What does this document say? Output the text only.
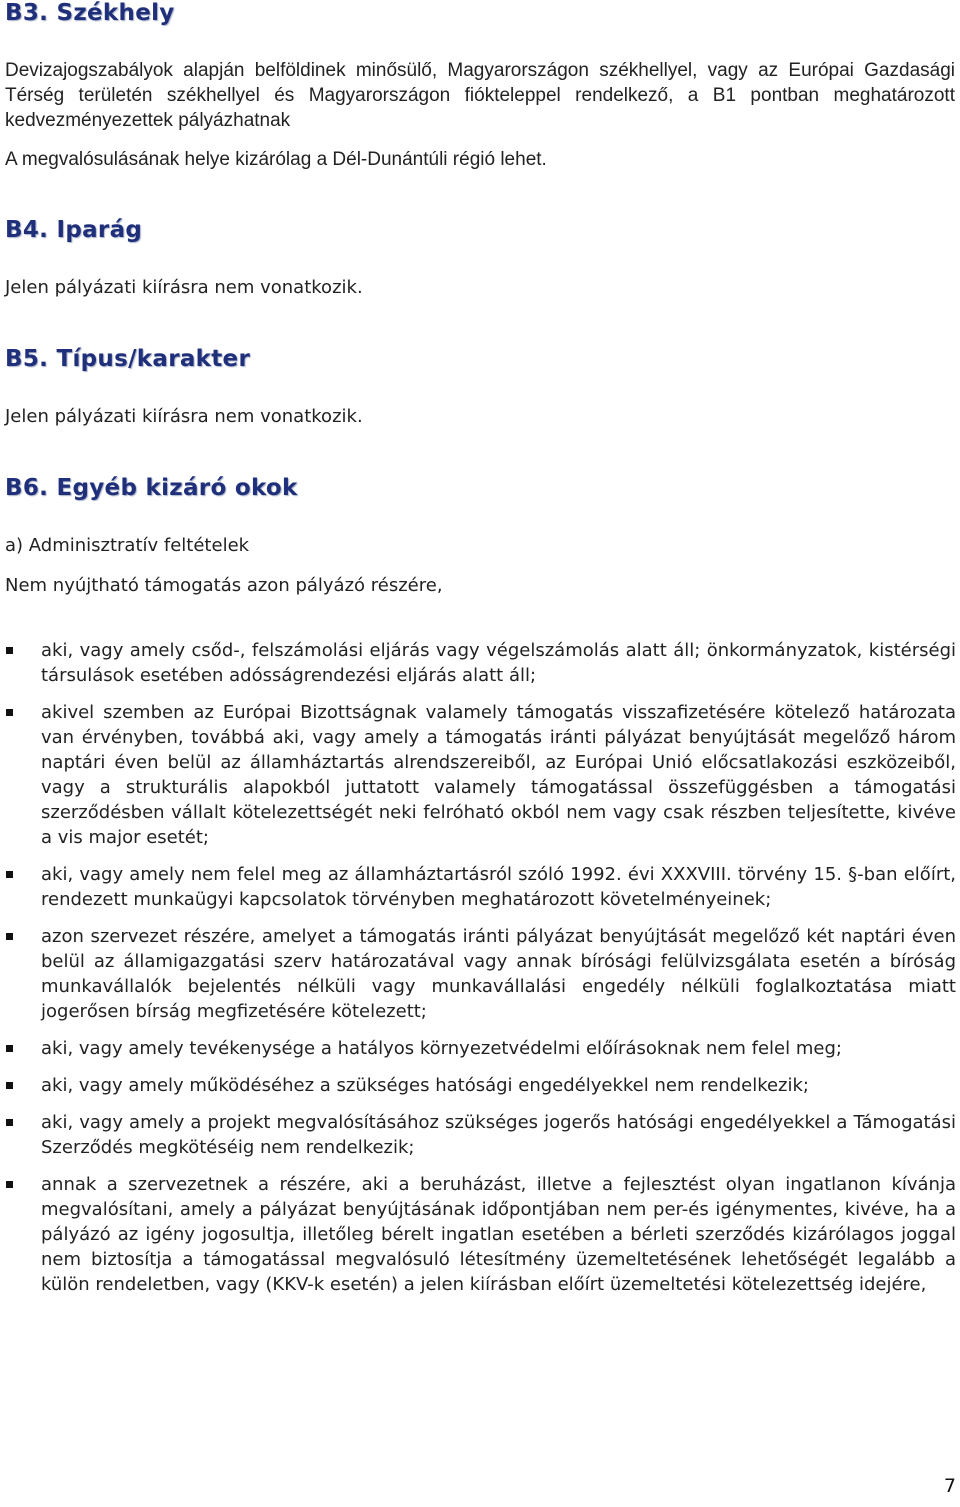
B3. Székhely

Devizajogszabályok alapján belföldinek minősülő, Magyarországon székhellyel, vagy az Európai Gazdasági Térség területén székhellyel és Magyarországon fiókteleppel rendelkező, a B1 pontban meghatározott kedvezményezettek pályázhatnak

A megvalósulásának helye kizárólag a Dél-Dunántúli régió lehet.

B4. Iparág

Jelen pályázati kiírásra nem vonatkozik.

B5. Típus/karakter

Jelen pályázati kiírásra nem vonatkozik.

B6. Egyéb kizáró okok

a) Adminisztratív feltételek

Nem nyújtható támogatás azon pályázó részére,

aki, vagy amely csőd-, felszámolási eljárás vagy végelszámolás alatt áll; önkormányzatok, kistérségi társulások esetében adósságrendezési eljárás alatt áll;
akivel szemben az Európai Bizottságnak valamely támogatás visszafizetésére kötelező határozata van érvényben, továbbá aki, vagy amely a támogatás iránti pályázat benyújtását megelőző három naptári éven belül az államháztartás alrendszereiből, az Európai Unió előcsatlakozási eszközeiből, vagy a strukturális alapokból juttatott valamely támogatással összefüggésben a támogatási szerződésben vállalt kötelezettségét neki felróható okból nem vagy csak részben teljesítette, kivéve a vis major esetét;
aki, vagy amely nem felel meg az államháztartásról szóló 1992. évi XXXVIII. törvény 15. §-ban előírt, rendezett munkaügyi kapcsolatok törvényben meghatározott követelményeinek;
azon szervezet részére, amelyet a támogatás iránti pályázat benyújtását megelőző két naptári éven belül az államigazgatási szerv határozatával vagy annak bírósági felülvizsgálata esetén a bíróság munkavállalók bejelentés nélküli vagy munkavállalási engedély nélküli foglalkoztatása miatt jogerősen bírság megfizetésére kötelezett;
aki, vagy amely tevékenysége a hatályos környezetvédelmi előírásoknak nem felel meg;
aki, vagy amely működéséhez a szükséges hatósági engedélyekkel nem rendelkezik;
aki, vagy amely a projekt megvalósításához szükséges jogerős hatósági engedélyekkel a Támogatási Szerződés megkötéséig nem rendelkezik;
annak a szervezetnek a részére, aki a beruházást, illetve a fejlesztést olyan ingatlanon kívánja megvalósítani, amely a pályázat benyújtásának időpontjában nem per-és igénymentes, kivéve, ha a pályázó az igény jogosultja, illetőleg bérelt ingatlan esetében a bérleti szerződés kizárólagos joggal nem biztosítja a támogatással megvalósuló létesítmény üzemeltetésének lehetőségét legalább a külön rendeletben, vagy (KKV-k esetén) a jelen kiírásban előírt üzemeltetési kötelezettség idejére,
7
